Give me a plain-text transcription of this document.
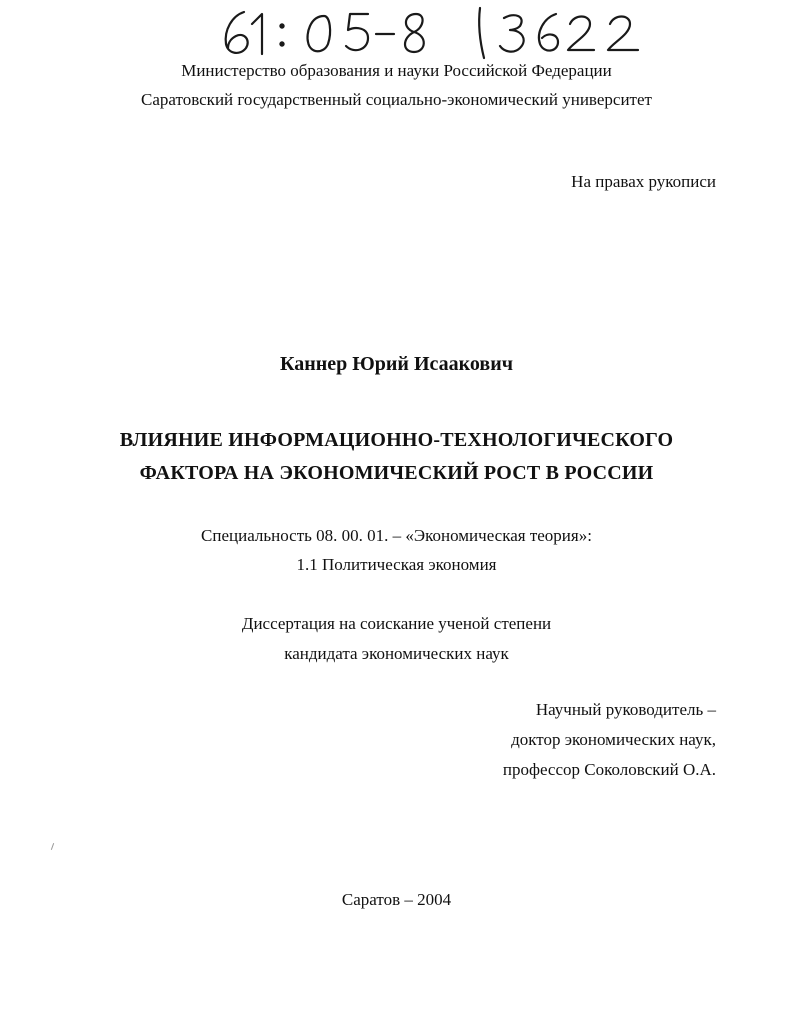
Министерство образования и науки Российской Федерации
Саратовский государственный социально-экономический университет
На правах рукописи
Каннер Юрий Исаакович
ВЛИЯНИЕ ИНФОРМАЦИОННО-ТЕХНОЛОГИЧЕСКОГО
ФАКТОРА НА ЭКОНОМИЧЕСКИЙ РОСТ В РОССИИ
Специальность 08. 00. 01. – «Экономическая теория»:
1.1 Политическая экономия
Диссертация на соискание ученой степени
кандидата экономических наук
Научный руководитель –
доктор экономических наук,
профессор Соколовский О.А.
Саратов – 2004
